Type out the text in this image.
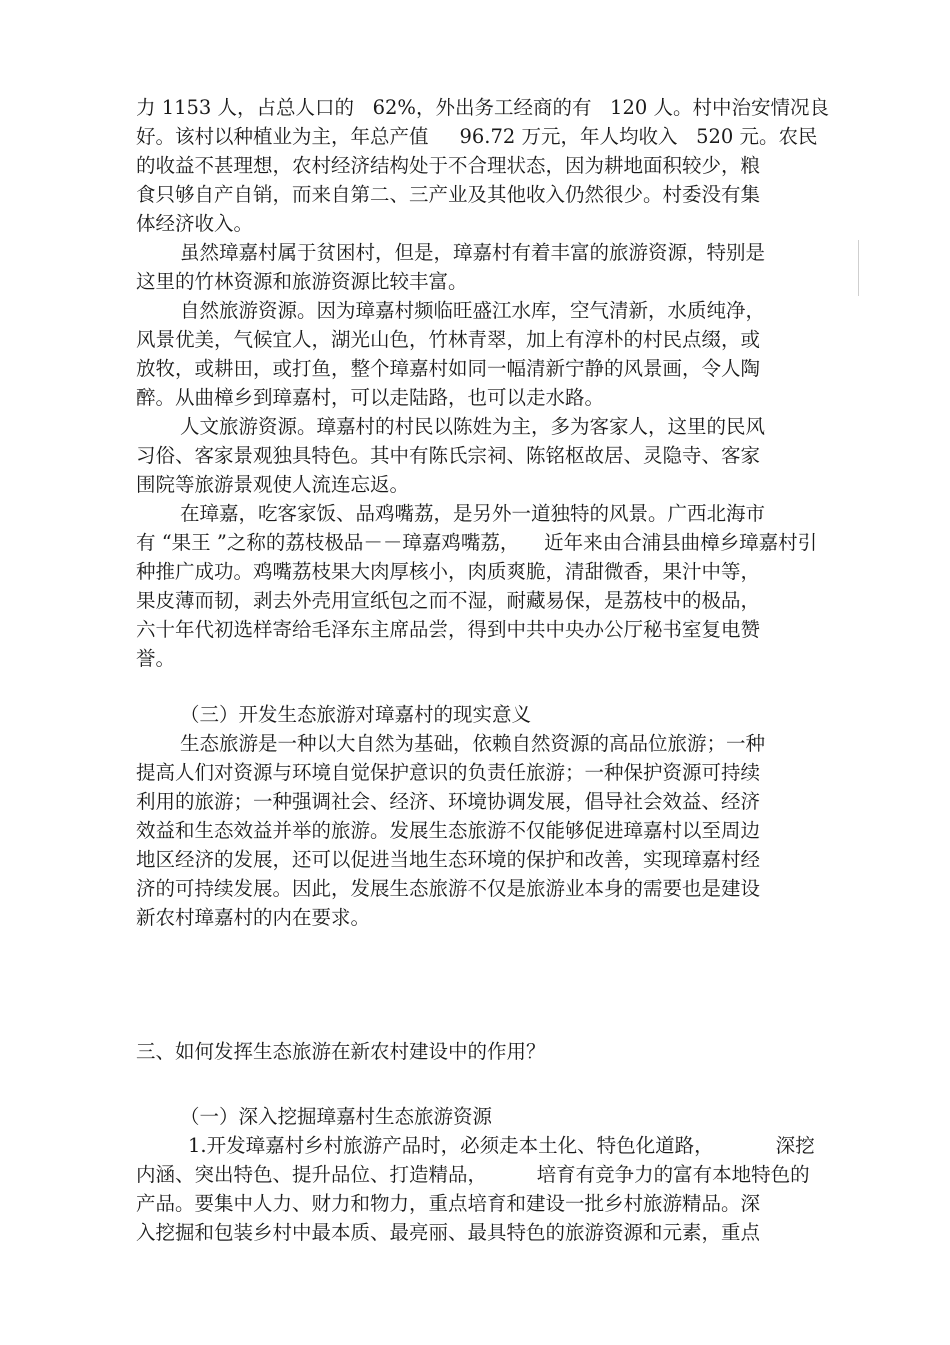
力 1153 人，占总人口的   62%，外出务工经商的有   120 人。村中治安情况良
好。该村以种植业为主，年总产值     96.72 万元，年人均收入   520 元。农民
的收益不甚理想，农村经济结构处于不合理状态，因为耕地面积较少，粮
食只够自产自销，而来自第二、三产业及其他收入仍然很少。村委没有集
体经济收入。
虽然璋嘉村属于贫困村，但是，璋嘉村有着丰富的旅游资源，特别是
这里的竹林资源和旅游资源比较丰富。
自然旅游资源。因为璋嘉村频临旺盛江水库，空气清新，水质纯净，
风景优美，气候宜人，湖光山色，竹林青翠，加上有淳朴的村民点缀，或
放牧，或耕田，或打鱼，整个璋嘉村如同一幅清新宁静的风景画，令人陶
醉。从曲樟乡到璋嘉村，可以走陆路，也可以走水路。
人文旅游资源。璋嘉村的村民以陈姓为主，多为客家人，这里的民风
习俗、客家景观独具特色。其中有陈氏宗祠、陈铭枢故居、灵隐寺、客家
围院等旅游景观使人流连忘返。
在璋嘉，吃客家饭、品鸡嘴荔，是另外一道独特的风景。广西北海市
有 “果王 ”之称的荔枝极品－－璋嘉鸡嘴荔，    近年来由合浦县曲樟乡璋嘉村引
种推广成功。鸡嘴荔枝果大肉厚核小，肉质爽脆，清甜微香，果汁中等，
果皮薄而韧，剥去外壳用宣纸包之而不湿，耐藏易保，是荔枝中的极品，
六十年代初选样寄给毛泽东主席品尝，得到中共中央办公厅秘书室复电赞
誉。
（三）开发生态旅游对璋嘉村的现实意义
生态旅游是一种以大自然为基础，依赖自然资源的高品位旅游；一种
提高人们对资源与环境自觉保护意识的负责任旅游；一种保护资源可持续
利用的旅游；一种强调社会、经济、环境协调发展，倡导社会效益、经济
效益和生态效益并举的旅游。发展生态旅游不仅能够促进璋嘉村以至周边
地区经济的发展，还可以促进当地生态环境的保护和改善，实现璋嘉村经
济的可持续发展。因此，发展生态旅游不仅是旅游业本身的需要也是建设
新农村璋嘉村的内在要求。
三、如何发挥生态旅游在新农村建设中的作用？
（一）深入挖掘璋嘉村生态旅游资源
1.开发璋嘉村乡村旅游产品时，必须走本土化、特色化道路，          深挖
内涵、突出特色、提升品位、打造精品，        培育有竞争力的富有本地特色的
产品。要集中人力、财力和物力，重点培育和建设一批乡村旅游精品。深
入挖掘和包装乡村中最本质、最亮丽、最具特色的旅游资源和元素，重点
